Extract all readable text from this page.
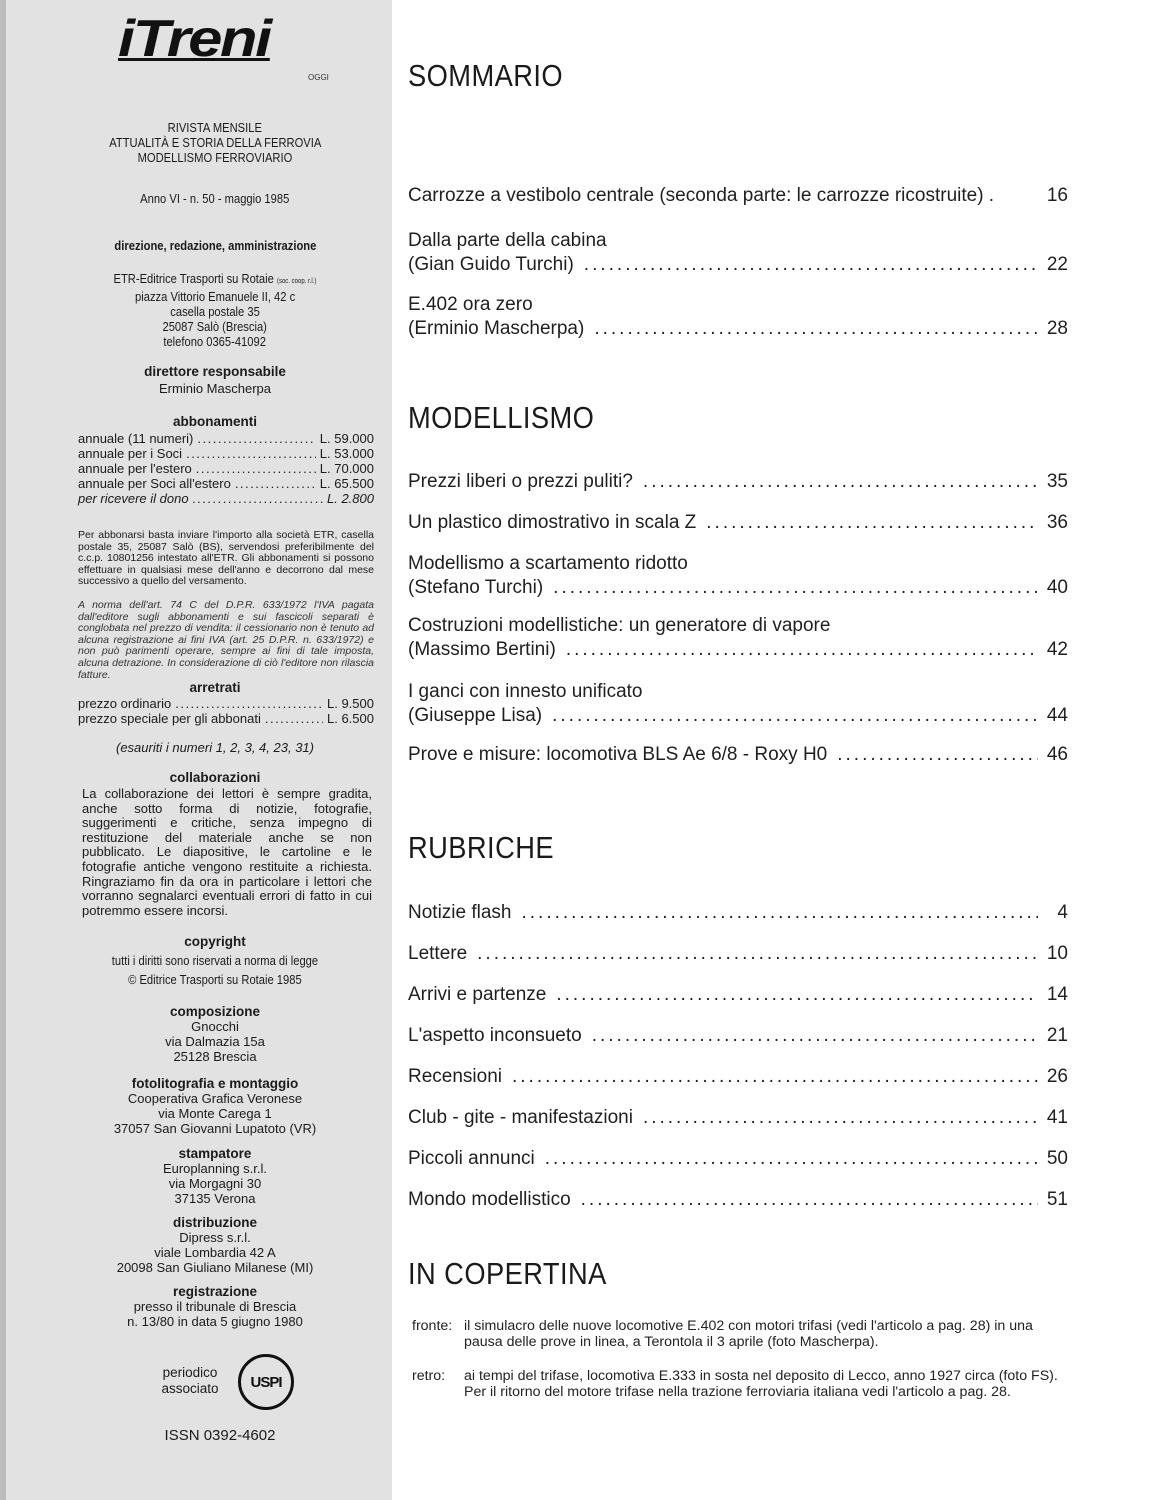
iTreni
OGGI
RIVISTA MENSILE
ATTUALITÀ E STORIA DELLA FERROVIA
MODELLISMO FERROVIARIO
Anno VI - n. 50 - maggio 1985
direzione, redazione, amministrazione
ETR-Editrice Trasporti su Rotaie (soc. coop. r.l.)
piazza Vittorio Emanuele II, 42 c
casella postale 35
25087 Salò (Brescia)
telefono 0365-41092
direttore responsabile
Erminio Mascherpa
abbonamenti
annuale (11 numeri) .....	L. 59.000
annuale per i Soci .....	L. 53.000
annuale per l'estero .....	L. 70.000
annuale per Soci all'estero .....	L. 65.500
per ricevere il dono .....	L. 2.800
Per abbonarsi basta inviare l'importo alla società ETR, casella postale 35, 25087 Salò (BS), servendosi preferibilmente del c.c.p. 10801256 intestato all'ETR. Gli abbonamenti si possono effettuare in qualsiasi mese dell'anno e decorrono dal mese successivo a quello del versamento.
A norma dell'art. 74 C del D.P.R. 633/1972 l'IVA pagata dall'editore sugli abbonamenti e sui fascicoli separati è conglobata nel prezzo di vendita: il cessionario non è tenuto ad alcuna registrazione ai fini IVA (art. 25 D.P.R. n. 633/1972) e non può parimenti operare, sempre ai fini di tale imposta, alcuna detrazione. In considerazione di ciò l'editore non rilascia fatture.
arretrati
prezzo ordinario .....	L. 9.500
prezzo speciale per gli abbonati .....	L. 6.500
(esauriti i numeri 1, 2, 3, 4, 23, 31)
collaborazioni
La collaborazione dei lettori è sempre gradita, anche sotto forma di notizie, fotografie, suggerimenti e critiche, senza impegno di restituzione del materiale anche se non pubblicato. Le diapositive, le cartoline e le fotografie antiche vengono restituite a richiesta. Ringraziamo fin da ora in particolare i lettori che vorranno segnalarci eventuali errori di fatto in cui potremmo essere incorsi.
copyright
tutti i diritti sono riservati a norma di legge
© Editrice Trasporti su Rotaie 1985
composizione
Gnocchi
via Dalmazia 15a
25128 Brescia
fotolitografia e montaggio
Cooperativa Grafica Veronese
via Monte Carega 1
37057 San Giovanni Lupatoto (VR)
stampatore
Europlanning s.r.l.
via Morgagni 30
37135 Verona
distribuzione
Dipress s.r.l.
viale Lombardia 42 A
20098 San Giuliano Milanese (MI)
registrazione
presso il tribunale di Brescia
n. 13/80 in data 5 giugno 1980
periodico
associato	USPI
ISSN 0392-4602
SOMMARIO
Carrozze a vestibolo centrale (seconda parte: le carrozze ricostruite) .	16
Dalla parte della cabina
(Gian Guido Turchi) .....	22
E.402 ora zero
(Erminio Mascherpa) .....	28
MODELLISMO
Prezzi liberi o prezzi puliti? .....	35
Un plastico dimostrativo in scala Z .....	36
Modellismo a scartamento ridotto
(Stefano Turchi) .....	40
Costruzioni modellistiche: un generatore di vapore
(Massimo Bertini) .....	42
I ganci con innesto unificato
(Giuseppe Lisa) .....	44
Prove e misure: locomotiva BLS Ae 6/8 - Roxy H0 .....	46
RUBRICHE
Notizie flash .....	4
Lettere .....	10
Arrivi e partenze .....	14
L'aspetto inconsueto .....	21
Recensioni .....	26
Club - gite - manifestazioni .....	41
Piccoli annunci .....	50
Mondo modellistico .....	51
IN COPERTINA
fronte: il simulacro delle nuove locomotive E.402 con motori trifasi (vedi l'articolo a pag. 28) in una pausa delle prove in linea, a Terontola il 3 aprile (foto Mascherpa).
retro:	ai tempi del trifase, locomotiva E.333 in sosta nel deposito di Lecco, anno 1927 circa (foto FS). Per il ritorno del motore trifase nella trazione ferroviaria italiana vedi l'articolo a pag. 28.
